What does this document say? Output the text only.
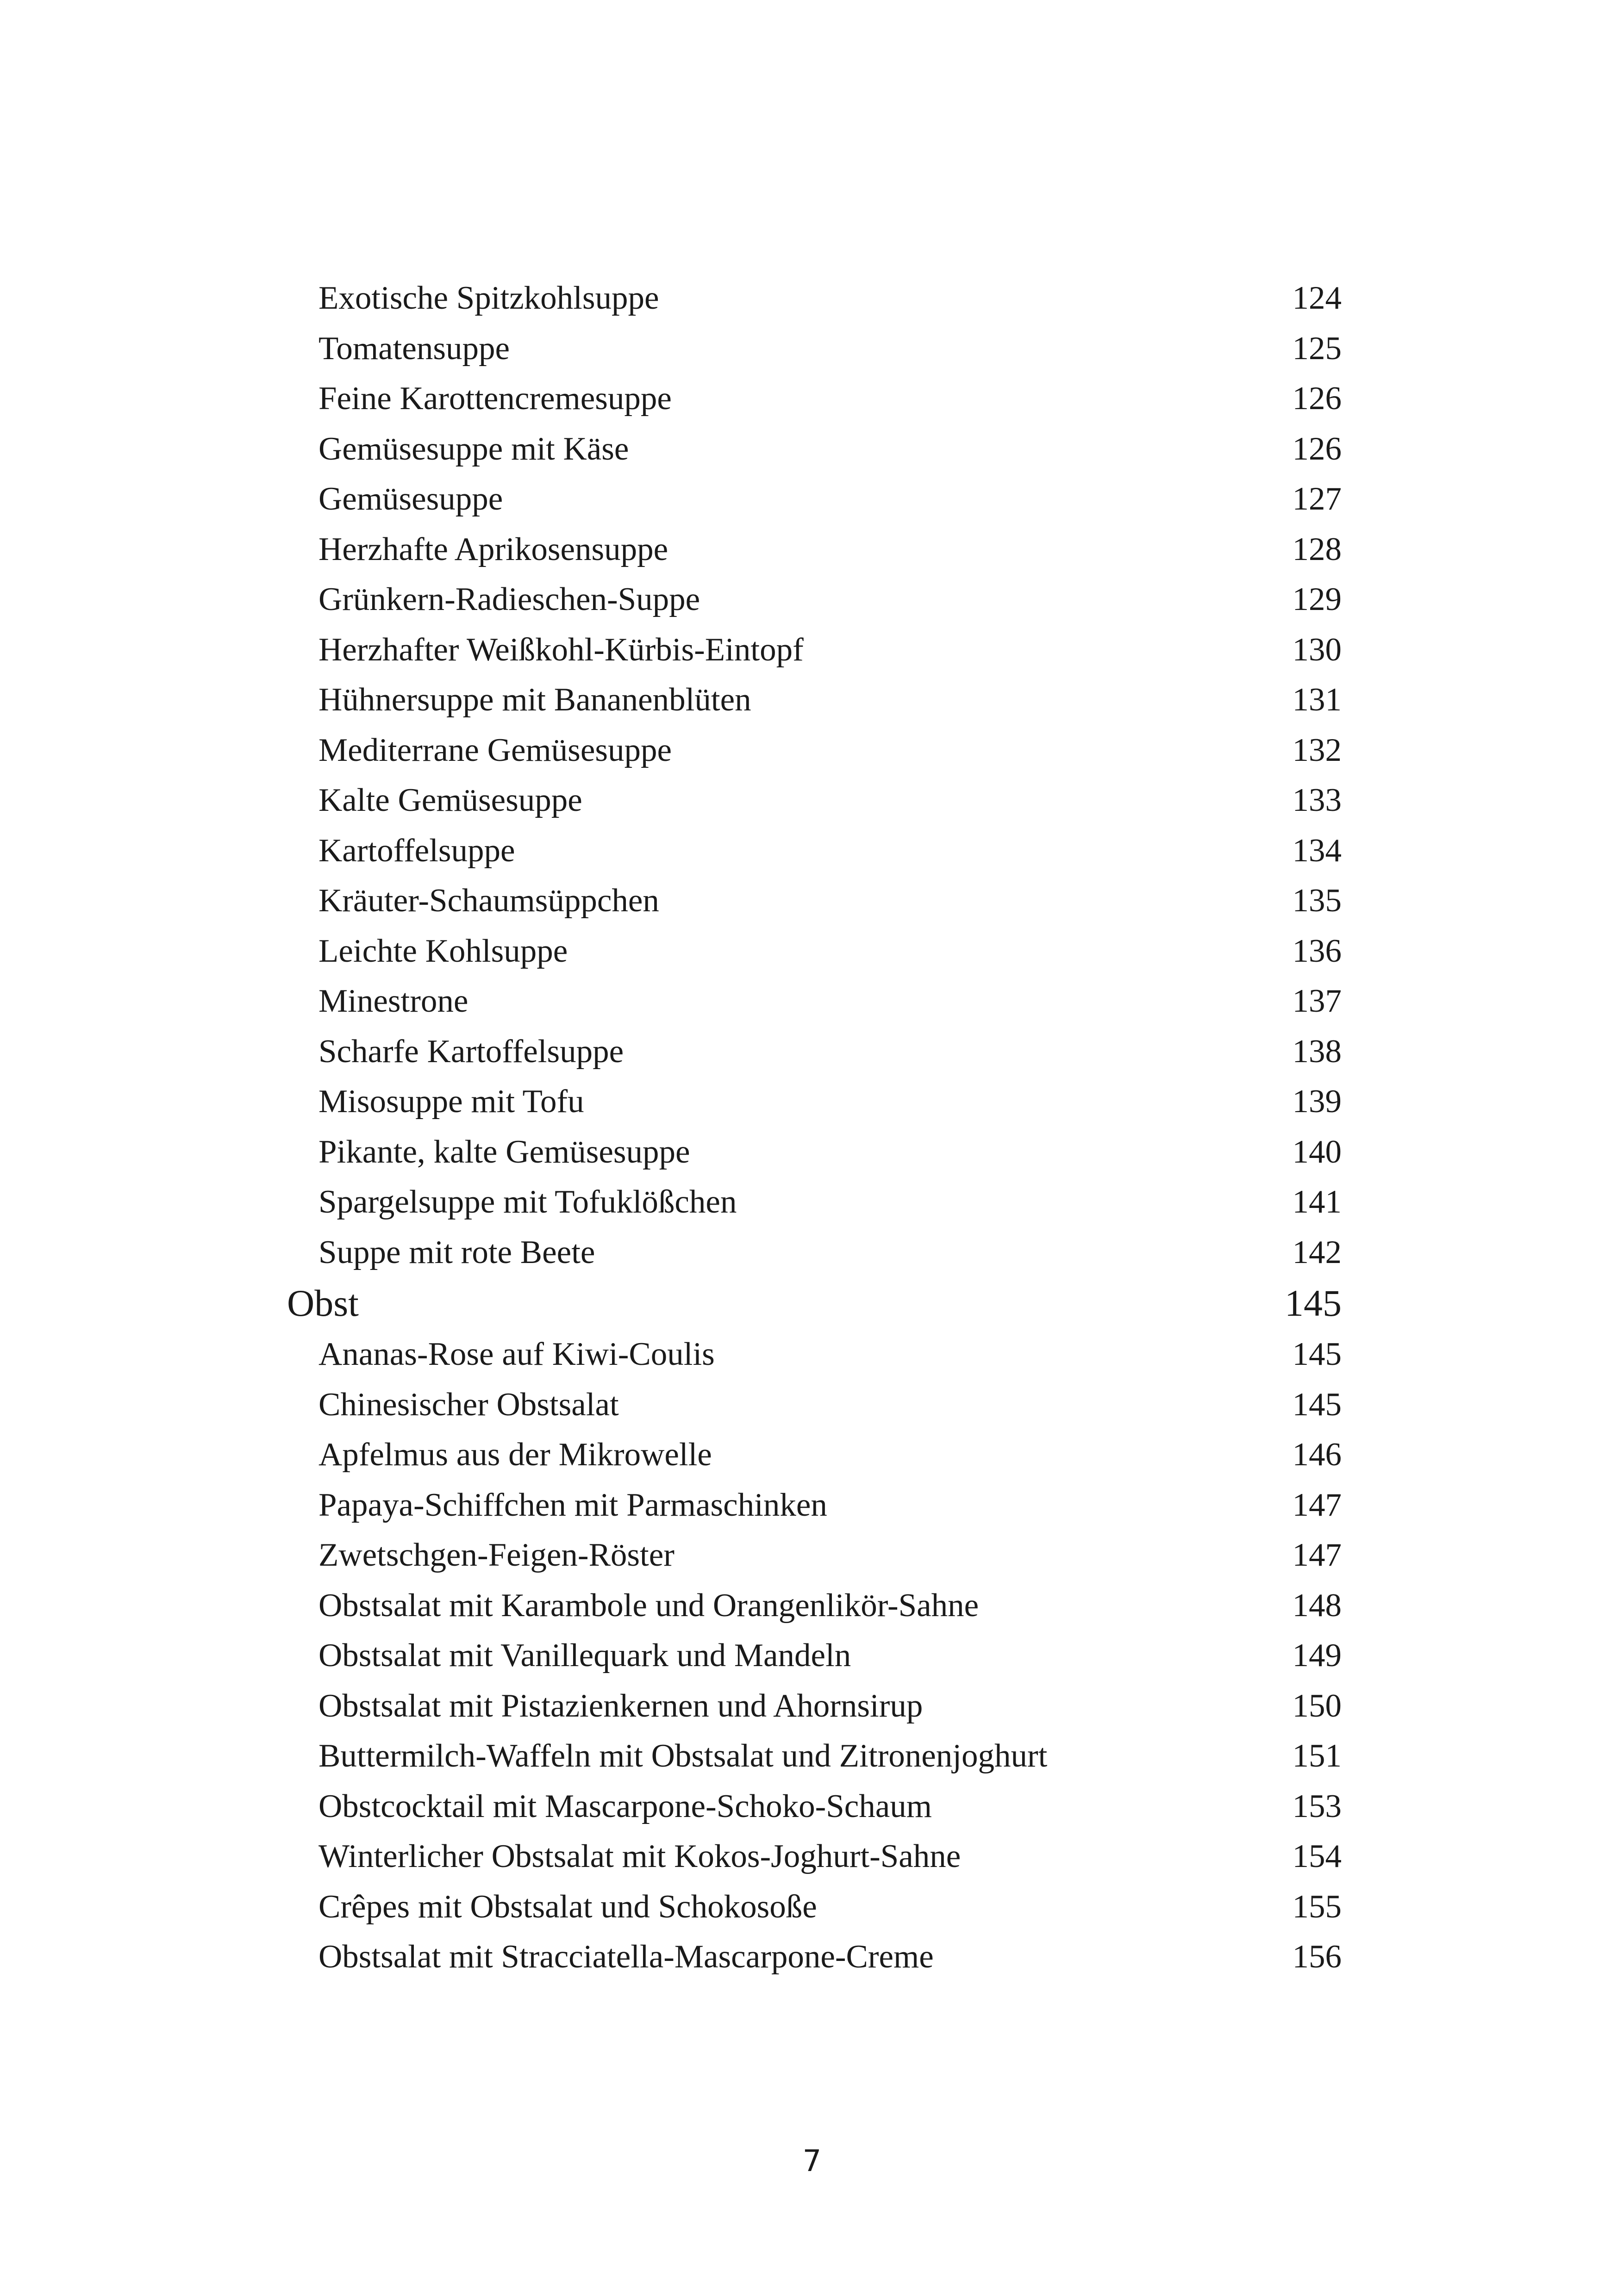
Exotische Spitzkohlsuppe	124
Tomatensuppe	125
Feine Karottencremesuppe	126
Gemüsesuppe mit Käse	126
Gemüsesuppe	127
Herzhafte Aprikosensuppe	128
Grünkern-Radieschen-Suppe	129
Herzhafter Weißkohl-Kürbis-Eintopf	130
Hühnersuppe mit Bananenblüten	131
Mediterrane Gemüsesuppe	132
Kalte Gemüsesuppe	133
Kartoffelsuppe	134
Kräuter-Schaumsüppchen	135
Leichte Kohlsuppe	136
Minestrone	137
Scharfe Kartoffelsuppe	138
Misosuppe mit Tofu	139
Pikante, kalte Gemüsesuppe	140
Spargelsuppe mit Tofuklößchen	141
Suppe mit rote Beete	142
Obst	145
Ananas-Rose auf Kiwi-Coulis	145
Chinesischer Obstsalat	145
Apfelmus aus der Mikrowelle	146
Papaya-Schiffchen mit Parmaschinken	147
Zwetschgen-Feigen-Röster	147
Obstsalat mit Karambole und Orangenlikör-Sahne	148
Obstsalat mit Vanillequark und Mandeln	149
Obstsalat mit Pistazienkernen und Ahornsirup	150
Buttermilch-Waffeln mit Obstsalat und Zitronenjoghurt	151
Obstcocktail mit Mascarpone-Schoko-Schaum	153
Winterlicher Obstsalat mit Kokos-Joghurt-Sahne	154
Crêpes mit Obstsalat und Schokosoße	155
Obstsalat mit Stracciatella-Mascarpone-Creme	156
7
